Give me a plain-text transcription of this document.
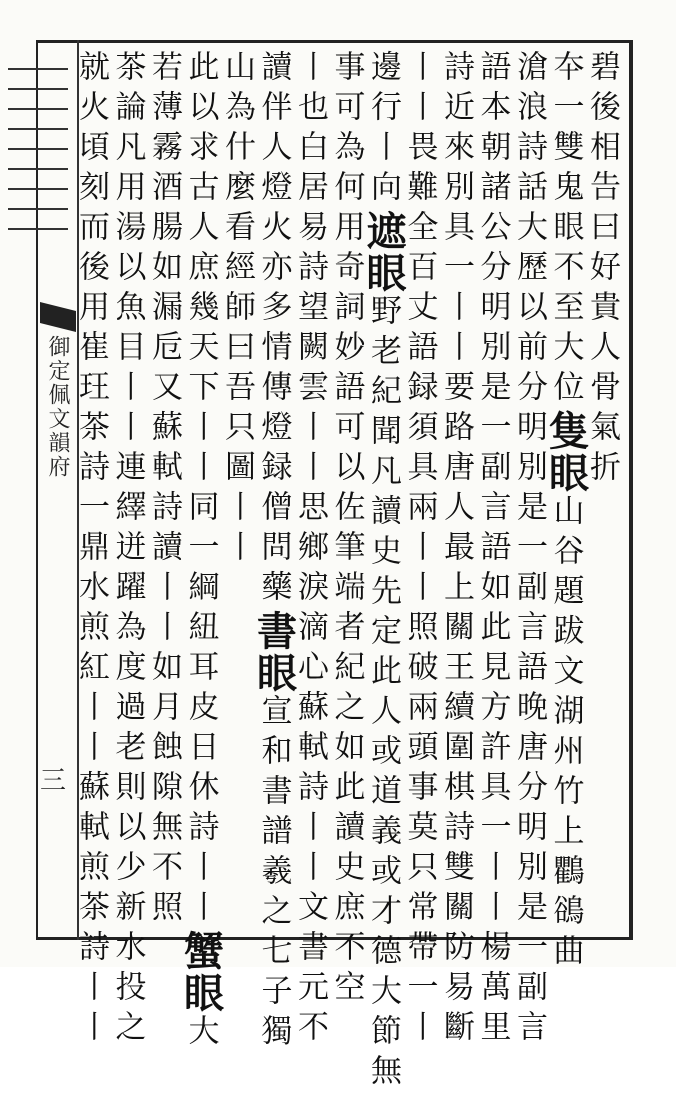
御定佩文韻府
三
碧後相告曰好貴人骨氣折
夲一雙鬼眼不至大位隻眼山谷題跋文湖州竹上鸜鵒曲
滄浪詩話大歷以前分明別是一副言語晚唐分明別是一副言
語本朝諸公分明別是一副言語如此見方許具一丨丨楊萬里
詩近來別具一丨丨要路唐人最上關王續圍棋詩雙關防易斷
丨丨畏難全百丈語録須具兩丨丨照破兩頭事莫只常帶一丨
邊行丨向遮眼野老紀聞凡讀史先定此人或道義或才德大節無
事可為何用奇詞妙語可以佐筆端者紀之如此讀史庶不空
丨也白居易詩望闕雲丨丨思鄉淚滴心蘇軾詩丨丨文書元不
讀伴人燈火亦多情傳燈録僧問藥書眼宣和書譜羲之七子獨
山為什麼看經師曰吾只圖丨丨
此以求古人庶幾天下丨丨同一綱紐耳皮日休詩丨丨蟹眼大
若薄霧酒腸如漏卮又蘇軾詩讀丨丨如月蝕隙無不照
茶論凡用湯以魚目丨丨連繹迸躍為度過老則以少新水投之
就火頃刻而後用崔玨茶詩一鼎水煎紅丨丨蘇軾煎茶詩丨丨
